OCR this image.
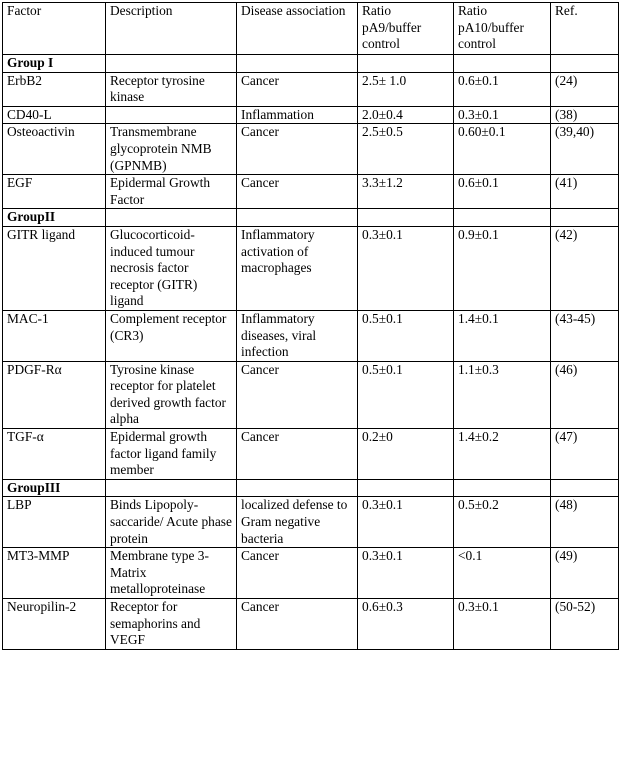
Factor	Description	Disease association	Ratio pA9/buffer control	Ratio pA10/buffer control	Ref.
Group I					
ErbB2	Receptor tyrosine kinase	Cancer	2.5± 1.0	0.6±0.1	(24)
CD40-L		Inflammation	2.0±0.4	0.3±0.1	(38)
Osteoactivin	Transmembrane glycoprotein NMB (GPNMB)	Cancer	2.5±0.5	0.60±0.1	(39,40)
EGF	Epidermal Growth Factor	Cancer	3.3±1.2	0.6±0.1	(41)
GroupII					
GITR ligand	Glucocorticoid-induced tumour necrosis factor receptor (GITR) ligand	Inflammatory activation of macrophages	0.3±0.1	0.9±0.1	(42)
MAC-1	Complement receptor (CR3)	Inflammatory diseases, viral infection	0.5±0.1	1.4±0.1	(43-45)
PDGF-Rα	Tyrosine kinase receptor for platelet derived growth factor alpha	Cancer	0.5±0.1	1.1±0.3	(46)
TGF-α	Epidermal growth factor ligand family member	Cancer	0.2±0	1.4±0.2	(47)
GroupIII					
LBP	Binds Lipopoly-saccaride/ Acute phase protein	localized defense to Gram negative bacteria	0.3±0.1	0.5±0.2	(48)
MT3-MMP	Membrane type 3-Matrix metalloproteinase	Cancer	0.3±0.1	<0.1	(49)
Neuropilin-2	Receptor for semaphorins and VEGF	Cancer	0.6±0.3	0.3±0.1	(50-52)
